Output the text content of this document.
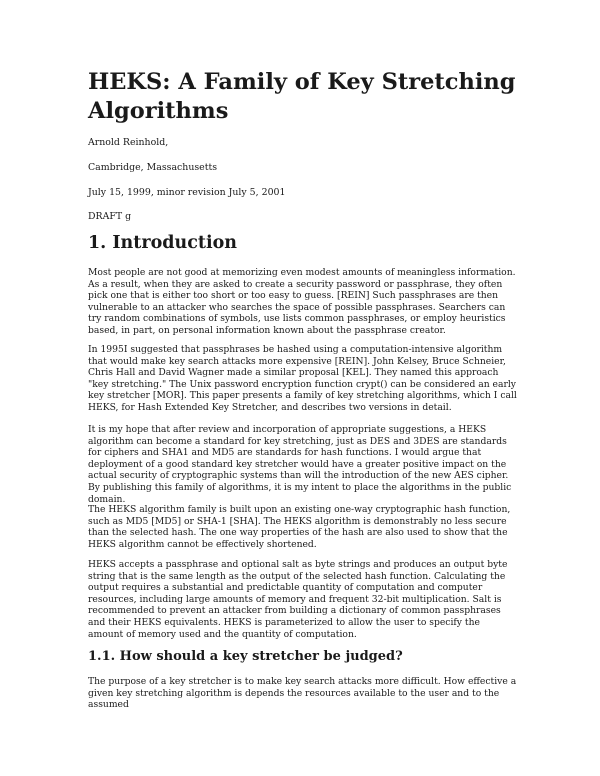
HEKS: A Family of Key Stretching Algorithms

Arnold Reinhold,

Cambridge, Massachusetts

July 15, 1999, minor revision July 5, 2001

DRAFT g

1. Introduction

Most people are not good at memorizing even modest amounts of meaningless information. As a result, when they are asked to create a security password or passphrase, they often pick one that is either too short or too easy to guess. [REIN] Such passphrases are then vulnerable to an attacker who searches the space of possible passphrases. Searchers can try random combinations of symbols, use lists common passphrases, or employ heuristics based, in part, on personal information known about the passphrase creator.

In 1995I suggested that passphrases be hashed using a computation-intensive algorithm that would make key search attacks more expensive [REIN]. John Kelsey, Bruce Schneier, Chris Hall and David Wagner made a similar proposal [KEL]. They named this approach "key stretching." The Unix password encryption function crypt() can be considered an early key stretcher [MOR]. This paper presents a family of key stretching algorithms, which I call HEKS, for Hash Extended Key Stretcher, and describes two versions in detail.

It is my hope that after review and incorporation of appropriate suggestions, a HEKS algorithm can become a standard for key stretching, just as DES and 3DES are standards for ciphers and SHA1 and MD5 are standards for hash functions. I would argue that deployment of a good standard key stretcher would have a greater positive impact on the actual security of cryptographic systems than will the introduction of the new AES cipher. By publishing this family of algorithms, it is my intent to place the algorithms in the public domain.

The HEKS algorithm family is built upon an existing one-way cryptographic hash function, such as MD5 [MD5] or SHA-1 [SHA]. The HEKS algorithm is demonstrably no less secure than the selected hash. The one way properties of the hash are also used to show that the HEKS algorithm cannot be effectively shortened.

HEKS accepts a passphrase and optional salt as byte strings and produces an output byte string that is the same length as the output of the selected hash function. Calculating the output requires a substantial and predictable quantity of computation and computer resources, including large amounts of memory and frequent 32-bit multiplication. Salt is recommended to prevent an attacker from building a dictionary of common passphrases and their HEKS equivalents. HEKS is parameterized to allow the user to specify the amount of memory used and the quantity of computation.

1.1. How should a key stretcher be judged?

The purpose of a key stretcher is to make key search attacks more difficult. How effective a given key stretching algorithm is depends the resources available to the user and to the assumed
